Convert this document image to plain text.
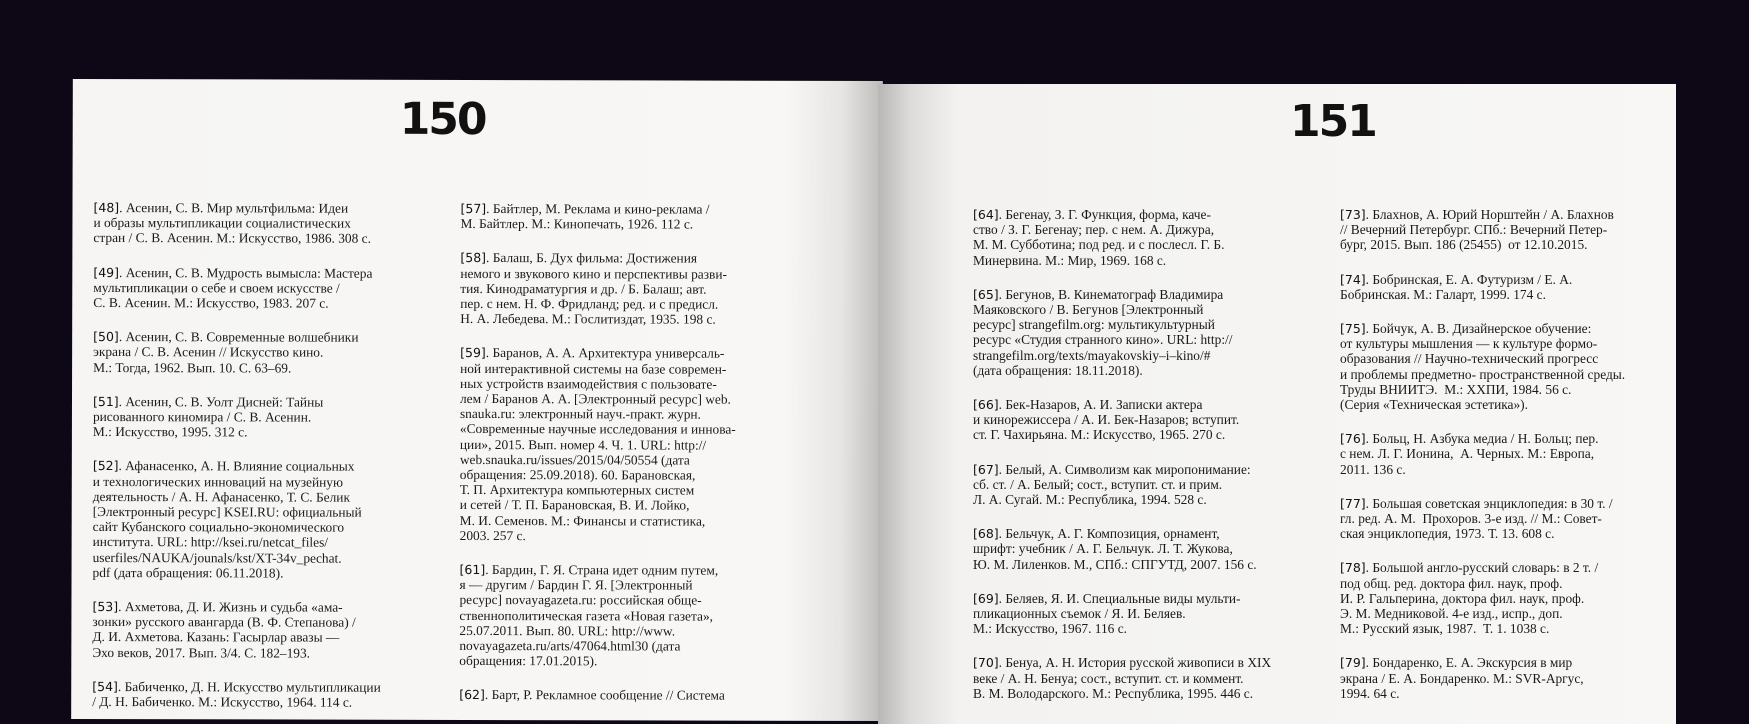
150
[48]. Асенин, С. В. Мир мультфильма: Идеи
и образы мультипликации социалистических
стран / С. В. Асенин. М.: Искусство, 1986. 308 с.
[49]. Асенин, С. В. Мудрость вымысла: Мастера
мультипликации о себе и своем искусстве /
С. В. Асенин. М.: Искусство, 1983. 207 с.
[50]. Асенин, С. В. Современные волшебники
экрана / С. В. Асенин // Искусство кино.
М.: Тогда, 1962. Вып. 10. С. 63–69.
[51]. Асенин, С. В. Уолт Дисней: Тайны
рисованного киномира / С. В. Асенин.
М.: Искусство, 1995. 312 с.
[52]. Афанасенко, А. Н. Влияние социальных
и технологических инноваций на музейную
деятельность / А. Н. Афанасенко, Т. С. Белик
[Электронный ресурс] KSEI.RU: официальный
сайт Кубанского социально-экономического
института. URL: http://ksei.ru/netcat_files/
userfiles/NAUKA/jounals/kst/XT-34v_pechat.
pdf (дата обращения: 06.11.2018).
[53]. Ахметова, Д. И. Жизнь и судьба «ама-
зонки» русского авангарда (В. Ф. Степанова) /
Д. И. Ахметова. Казань: Гасырлар авазы —
Эхо веков, 2017. Вып. 3/4. С. 182–193.
[54]. Бабиченко, Д. Н. Искусство мультипликации
/ Д. Н. Бабиченко. М.: Искусство, 1964. 114 с.
[57]. Байтлер, М. Реклама и кино-реклама /
М. Байтлер. М.: Кинопечать, 1926. 112 с.
[58]. Балаш, Б. Дух фильма: Достижения
немого и звукового кино и перспективы разви-
тия. Кинодраматургия и др. / Б. Балаш; авт.
пер. с нем. Н. Ф. Фридланд; ред. и с предисл.
Н. А. Лебедева. М.: Гослитиздат, 1935. 198 с.
[59]. Баранов, А. А. Архитектура универсаль-
ной интерактивной системы на базе современ-
ных устройств взаимодействия с пользовате-
лем / Баранов А. А. [Электронный ресурс] web.
snauka.ru: электронный науч.-практ. журн.
«Современные научные исследования и иннова-
ции», 2015. Вып. номер 4. Ч. 1. URL: http://
web.snauka.ru/issues/2015/04/50554 (дата
обращения: 25.09.2018). 60. Барановская,
Т. П. Архитектура компьютерных систем
и сетей / Т. П. Барановская, В. И. Лойко,
М. И. Семенов. М.: Финансы и статистика,
2003. 257 с.
[61]. Бардин, Г. Я. Страна идет одним путем,
я — другим / Бардин Г. Я. [Электронный
ресурс] novayagazeta.ru: российская обще-
ственнополитическая газета «Новая газета»,
25.07.2011. Вып. 80. URL: http://www.
novayagazeta.ru/arts/47064.html30 (дата
обращения: 17.01.2015).
[62]. Барт, Р. Рекламное сообщение // Система
151
[64]. Бегенау, З. Г. Функция, форма, каче-
ство / З. Г. Бегенау; пер. с нем. А. Дижура,
М. М. Субботина; под ред. и с послесл. Г. Б.
Минервина. М.: Мир, 1969. 168 с.
[65]. Бегунов, В. Кинематограф Владимира
Маяковского / В. Бегунов [Электронный
ресурс] strangefilm.org: мультикультурный
ресурс «Студия странного кино». URL: http://
strangefilm.org/texts/mayakovskiy–i–kino/#
(дата обращения: 18.11.2018).
[66]. Бек-Назаров, А. И. Записки актера
и кинорежиссера / А. И. Бек-Назаров; вступит.
ст. Г. Чахирьяна. М.: Искусство, 1965. 270 с.
[67]. Белый, А. Символизм как миропонимание:
сб. ст. / А. Белый; сост., вступит. ст. и прим.
Л. А. Сугай. М.: Республика, 1994. 528 с.
[68]. Бельчук, А. Г. Композиция, орнамент,
шрифт: учебник / А. Г. Бельчук. Л. Т. Жукова,
Ю. М. Лиленков. М., СПб.: СПГУТД, 2007. 156 с.
[69]. Беляев, Я. И. Специальные виды мульти-
пликационных съемок / Я. И. Беляев.
М.: Искусство, 1967. 116 с.
[70]. Бенуа, А. Н. История русской живописи в XIX
веке / А. Н. Бенуа; сост., вступит. ст. и коммент.
В. М. Володарского. М.: Республика, 1995. 446 с.
[73]. Блахнов, А. Юрий Норштейн / А. Блахнов
// Вечерний Петербург. СПб.: Вечерний Петер-
бург, 2015. Вып. 186 (25455)  от 12.10.2015.
[74]. Бобринская, Е. А. Футуризм / Е. А.
Бобринская. М.: Галарт, 1999. 174 с.
[75]. Бойчук, А. В. Дизайнерское обучение:
от культуры мышления — к культуре формо-
образования // Научно-технический прогресс
и проблемы предметно- пространственной среды.
Труды ВНИИТЭ.  М.: ХХПИ, 1984. 56 с.
(Серия «Техническая эстетика»).
[76]. Больц, Н. Азбука медиа / Н. Больц; пер.
с нем. Л. Г. Ионина,  А. Черных. М.: Европа,
2011. 136 с.
[77]. Большая советская энциклопедия: в 30 т. /
гл. ред. А. М.  Прохоров. 3-е изд. // М.: Совет-
ская энциклопедия, 1973. Т. 13. 608 с.
[78]. Большой англо-русский словарь: в 2 т. /
под общ. ред. доктора фил. наук, проф.
И. Р. Гальперина, доктора фил. наук, проф.
Э. М. Медниковой. 4-е изд., испр., доп.
М.: Русский язык, 1987.  Т. 1. 1038 с.
[79]. Бондаренко, Е. А. Экскурсия в мир
экрана / Е. А. Бондаренко. М.: SVR-Аргус,
1994. 64 с.
